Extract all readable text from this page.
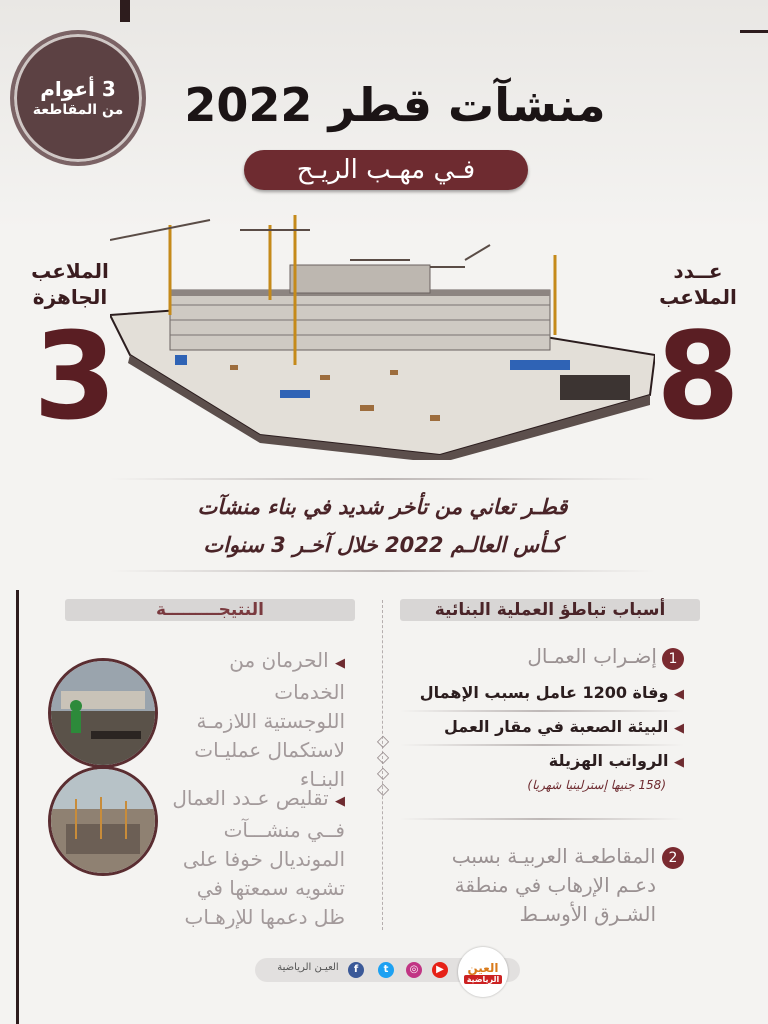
3 أعوام
من المقاطعة	منشآت قطر 2022
فـي مهـب الريـح
الملاعب
الجاهزة
3
عــدد
الملاعب
8
قطـر تعاني من تأخر شديد في بناء منشآت
كـأس العالـم 2022 خلال آخـر 3 سنوات
النتيجـــــــــة	أسباب تباطؤ العملية البنائية
◇
◇
◇
◇
1 إضـراب العمـال
◀ وفاة 1200 عامل بسبب الإهمال
◀ البيئة الصعبة في مقار العمل
◀ الرواتب الهزيلة
(158 جنيها إسترلينيا شهريا)
2 المقاطعـة العربيـة بسبب
دعـم الإرهاب في منطقة
الشـرق الأوسـط
◀ الحرمان من الخدمات
اللوجستية اللازمـة
لاستكمال عمليـات
البنـاء
◀ تقليص عـدد العمال
فــي منشـــآت
المونديال خوفا على
تشويه سمعتها في
ظل دعمها للإرهـاب
العيـن الرياضية	f	t	◎	▶	العين
الرياضية
